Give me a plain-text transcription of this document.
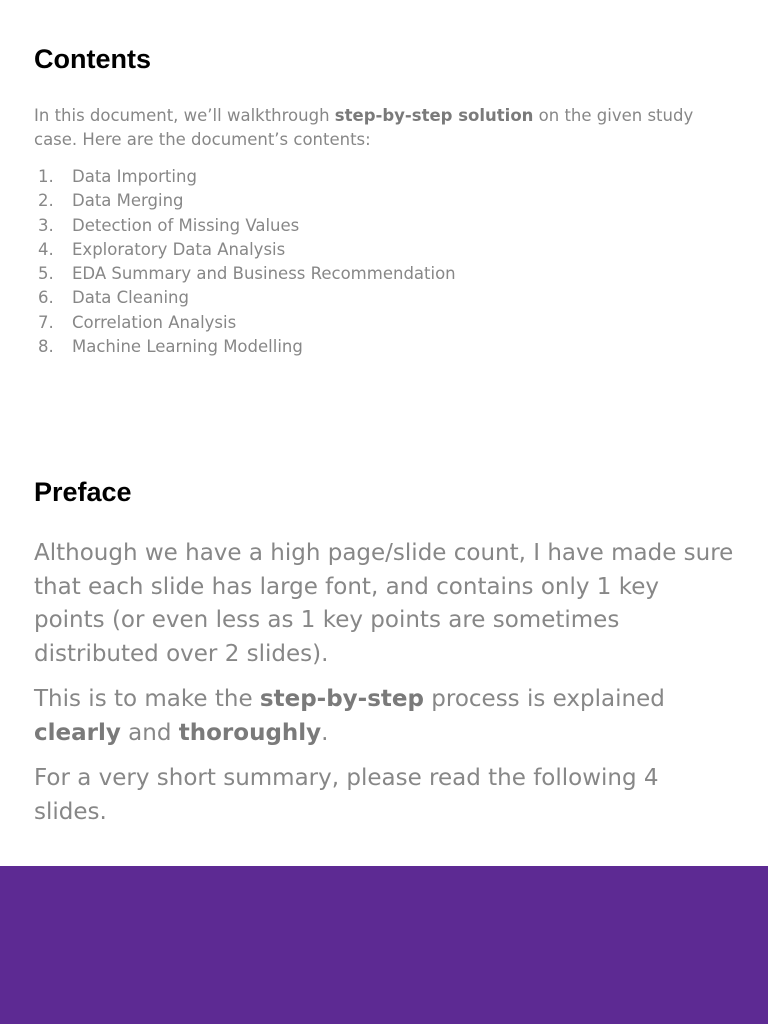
Contents

In this document, we’ll walkthrough step-by-step solution on the given study case. Here are the document’s contents:

1.	Data Importing
2.	Data Merging
3.	Detection of Missing Values
4.	Exploratory Data Analysis
5.	EDA Summary and Business Recommendation
6.	Data Cleaning
7.	Correlation Analysis
8.	Machine Learning Modelling
Preface

Although we have a high page/slide count, I have made sure that each slide has large font, and contains only 1 key points (or even less as 1 key points are sometimes distributed over 2 slides).

This is to make the step-by-step process is explained clearly and thoroughly.

For a very short summary, please read the following 4 slides.
